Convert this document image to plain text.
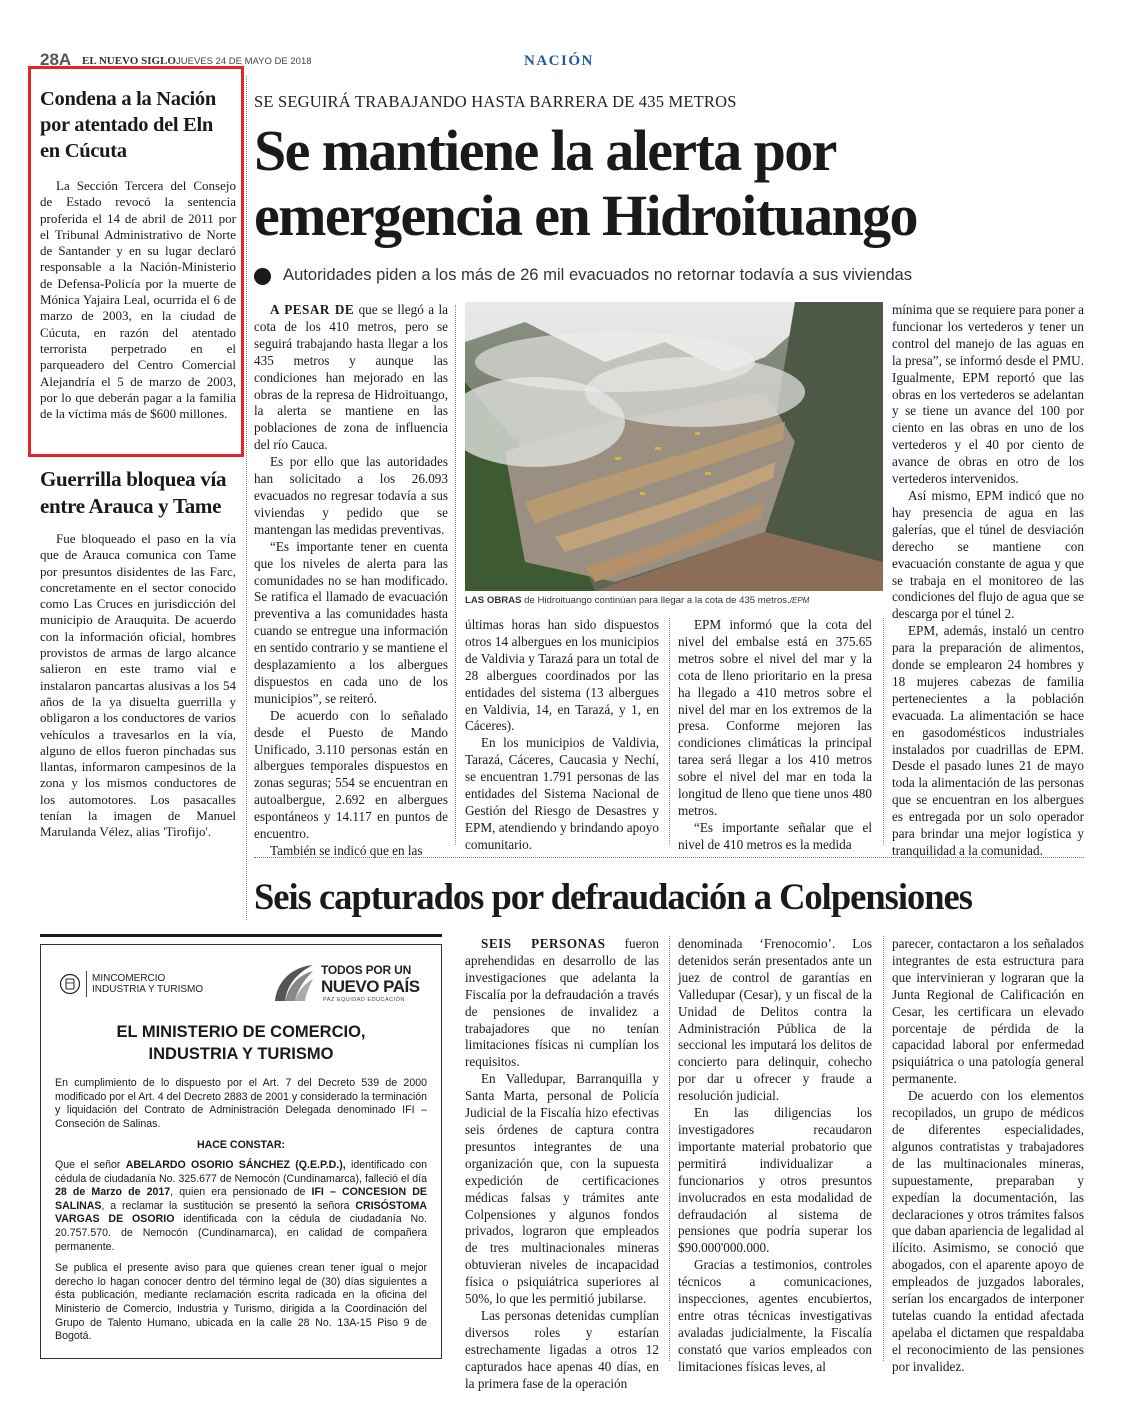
28A EL NUEVO SIGLO JUEVES 24 DE MAYO DE 2018	NACIÓN
Condena a la Nación por atentado del Eln en Cúcuta

La Sección Tercera del Consejo de Estado revocó la sentencia proferida el 14 de abril de 2011 por el Tribunal Administrativo de Norte de Santander y en su lugar declaró responsable a la Nación-Ministerio de Defensa-Policía por la muerte de Mónica Yajaira Leal, ocurrida el 6 de marzo de 2003, en la ciudad de Cúcuta, en razón del atentado terrorista perpetrado en el parqueadero del Centro Comercial Alejandría el 5 de marzo de 2003, por lo que deberán pagar a la familia de la víctima más de $600 millones.

Guerrilla bloquea vía entre Arauca y Tame

Fue bloqueado el paso en la vía que de Arauca comunica con Tame por presuntos disidentes de las Farc, concretamente en el sector conocido como Las Cruces en jurisdicción del municipio de Arauquita. De acuerdo con la información oficial, hombres provistos de armas de largo alcance salieron en este tramo vial e instalaron pancartas alusivas a los 54 años de la ya disuelta guerrilla y obligaron a los conductores de varios vehículos a travesarlos en la vía, alguno de ellos fueron pinchadas sus llantas, informaron campesinos de la zona y los mismos conductores de los automotores. Los pasacalles tenían la imagen de Manuel Marulanda Vélez, alias 'Tirofijo'.

SE SEGUIRÁ TRABAJANDO HASTA BARRERA DE 435 METROS
Se mantiene la alerta por emergencia en Hidroituango
Autoridades piden a los más de 26 mil evacuados no retornar todavía a sus viviendas

A PESAR DE que se llegó a la cota de los 410 metros, pero se seguirá trabajando hasta llegar a los 435 metros y aunque las condiciones han mejorado en las obras de la represa de Hidroituango, la alerta se mantiene en las poblaciones de zona de influencia del río Cauca.

Es por ello que las autoridades han solicitado a los 26.093 evacuados no regresar todavía a sus viviendas y pedido que se mantengan las medidas preventivas.

“Es importante tener en cuenta que los niveles de alerta para las comunidades no se han modificado. Se ratifica el llamado de evacuación preventiva a las comunidades hasta cuando se entregue una información en sentido contrario y se mantiene el desplazamiento a los albergues dispuestos en cada uno de los municipios”, se reiteró.

De acuerdo con lo señalado desde el Puesto de Mando Unificado, 3.110 personas están en albergues temporales dispuestos en zonas seguras; 554 se encuentran en autoalbergue, 2.692 en albergues espontáneos y 14.117 en puntos de encuentro.

También se indicó que en las

LAS OBRAS de Hidroituango continúan para llegar a la cota de 435 metros./EPM

últimas horas han sido dispuestos otros 14 albergues en los municipios de Valdivia y Tarazá para un total de 28 albergues coordinados por las entidades del sistema (13 albergues en Valdivia, 14, en Tarazá, y 1, en Cáceres).

En los municipios de Valdivia, Tarazá, Cáceres, Caucasia y Nechí, se encuentran 1.791 personas de las entidades del Sistema Nacional de Gestión del Riesgo de Desastres y EPM, atendiendo y brindando apoyo comunitario.

EPM informó que la cota del nivel del embalse está en 375.65 metros sobre el nivel del mar y la cota de lleno prioritario en la presa ha llegado a 410 metros sobre el nivel del mar en los extremos de la presa. Conforme mejoren las condiciones climáticas la principal tarea será llegar a los 410 metros sobre el nivel del mar en toda la longitud de lleno que tiene unos 480 metros.

“Es importante señalar que el nivel de 410 metros es la medida

mínima que se requiere para poner a funcionar los vertederos y tener un control del manejo de las aguas en la presa”, se informó desde el PMU. Igualmente, EPM reportó que las obras en los vertederos se adelantan y se tiene un avance del 100 por ciento en las obras en uno de los vertederos y el 40 por ciento de avance de obras en otro de los vertederos intervenidos.

Así mismo, EPM indicó que no hay presencia de agua en las galerías, que el túnel de desviación derecho se mantiene con evacuación constante de agua y que se trabaja en el monitoreo de las condiciones del flujo de agua que se descarga por el túnel 2.

EPM, además, instaló un centro para la preparación de alimentos, donde se emplearon 24 hombres y 18 mujeres cabezas de familia pertenecientes a la población evacuada. La alimentación se hace en gasodomésticos industriales instalados por cuadrillas de EPM. Desde el pasado lunes 21 de mayo toda la alimentación de las personas que se encuentran en los albergues es entregada por un solo operador para brindar una mejor logística y tranquilidad a la comunidad.

Seis capturados por defraudación a Colpensiones

SEIS PERSONAS fueron aprehendidas en desarrollo de las investigaciones que adelanta la Fiscalía por la defraudación a través de pensiones de invalidez a trabajadores que no tenían limitaciones físicas ni cumplían los requisitos.

En Valledupar, Barranquilla y Santa Marta, personal de Policía Judicial de la Fiscalía hizo efectivas seis órdenes de captura contra presuntos integrantes de una organización que, con la supuesta expedición de certificaciones médicas falsas y trámites ante Colpensiones y algunos fondos privados, lograron que empleados de tres multinacionales mineras obtuvieran niveles de incapacidad física o psiquiátrica superiores al 50%, lo que les permitió jubilarse.

Las personas detenidas cumplían diversos roles y estarían estrechamente ligadas a otros 12 capturados hace apenas 40 días, en la primera fase de la operación

denominada ‘Frenocomio’. Los detenidos serán presentados ante un juez de control de garantías en Valledupar (Cesar), y un fiscal de la Unidad de Delitos contra la Administración Pública de la seccional les imputará los delitos de concierto para delinquir, cohecho por dar u ofrecer y fraude a resolución judicial.

En las diligencias los investigadores recaudaron importante material probatorio que permitirá individualizar a funcionarios y otros presuntos involucrados en esta modalidad de defraudación al sistema de pensiones que podría superar los $90.000'000.000.

Gracias a testimonios, controles técnicos a comunicaciones, inspecciones, agentes encubiertos, entre otras técnicas investigativas avaladas judicialmente, la Fiscalía constató que varios empleados con limitaciones físicas leves, al

parecer, contactaron a los señalados integrantes de esta estructura para que intervinieran y lograran que la Junta Regional de Calificación en Cesar, les certificara un elevado porcentaje de pérdida de la capacidad laboral por enfermedad psiquiátrica o una patología general permanente.

De acuerdo con los elementos recopilados, un grupo de médicos de diferentes especialidades, algunos contratistas y trabajadores de las multinacionales mineras, supuestamente, preparaban y expedían la documentación, las declaraciones y otros trámites falsos que daban apariencia de legalidad al ilícito. Asimismo, se conoció que abogados, con el aparente apoyo de empleados de juzgados laborales, serían los encargados de interponer tutelas cuando la entidad afectada apelaba el dictamen que respaldaba el reconocimiento de las pensiones por invalidez.

MINCOMERCIO
INDUSTRIA Y TURISMO
TODOS POR UN
NUEVO PAÍS
PAZ EQUIDAD EDUCACIÓN
EL MINISTERIO DE COMERCIO,
INDUSTRIA Y TURISMO

En cumplimiento de lo dispuesto por el Art. 7 del Decreto 539 de 2000 modificado por el Art. 4 del Decreto 2883 de 2001 y considerado la terminación y liquidación del Contrato de Administración Delegada denominado IFI – Conseción de Salinas.

HACE CONSTAR:

Que el señor ABELARDO OSORIO SÁNCHEZ (Q.E.P.D.), identificado con cédula de ciudadanía No. 325.677 de Nemocón (Cundinamarca), falleció el día 28 de Marzo de 2017, quien era pensionado de IFI – CONCESION DE SALINAS, a reclamar la sustitución se presentó la señora CRISÓSTOMA VARGAS DE OSORIO identificada con la cédula de ciudadanía No. 20.757.570. de Nemocón (Cundinamarca), en calidad de compañera permanente.

Se publica el presente aviso para que quienes crean tener igual o mejor derecho lo hagan conocer dentro del término legal de (30) días siguientes a ésta publicación, mediante reclamación escrita radicada en la oficina del Ministerio de Comercio, Industria y Turismo, dirigida a la Coordinación del Grupo de Talento Humano, ubicada en la calle 28 No. 13A-15 Piso 9 de Bogotá.
